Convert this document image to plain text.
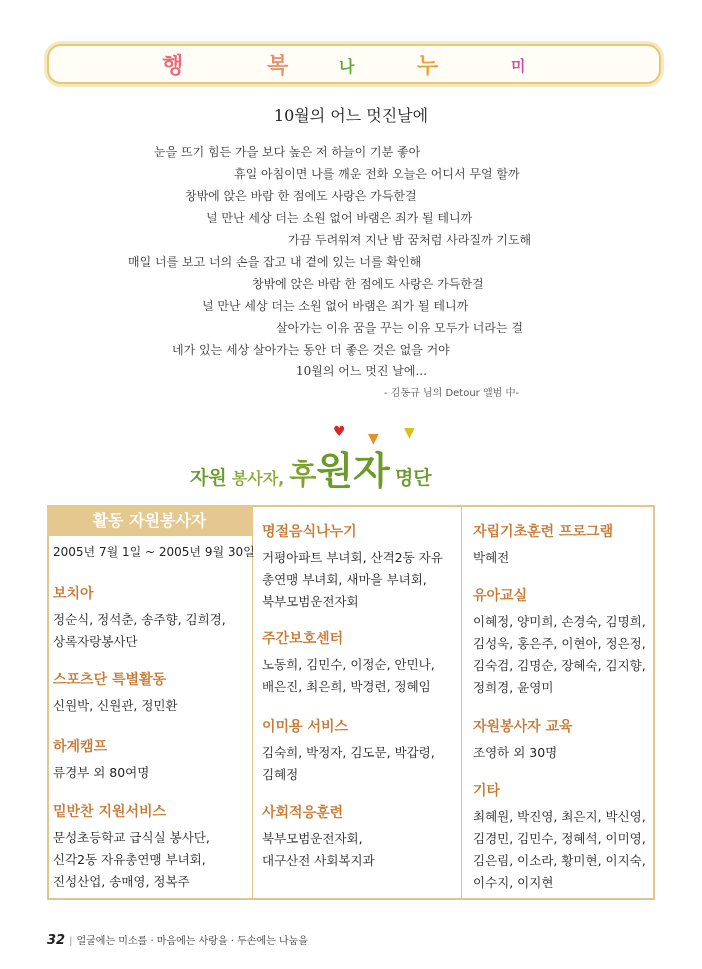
행	복	나	누	미
10월의 어느 멋진날에
눈을 뜨기 힘든 가을 보다 높은 저 하늘이 기분 좋아
휴일 아침이면 나를 깨운 전화 오늘은 어디서 무얼 할까
창밖에 앉은 바람 한 점에도 사랑은 가득한걸
널 만난 세상 더는 소원 없어 바램은 죄가 될 테니까
가끔 두려워져 지난 밤 꿈처럼 사라질까 기도해
매일 너를 보고 너의 손을 잡고 내 곁에 있는 너를 확인해
창밖에 앉은 바람 한 점에도 사랑은 가득한걸
널 만난 세상 더는 소원 없어 바램은 죄가 될 테니까
살아가는 이유 꿈을 꾸는 이유 모두가 너라는 걸
네가 있는 세상 살아가는 동안 더 좋은 것은 없을 거야
10월의 어느 멋진 날에...
- 김동규 님의 Detour 앨범 中-
♥ ▼ ▼
자원 봉사자, 후원자 명단
활동 자원봉사자
2005년 7월 1일 ~ 2005년 9월 30일
보치아
정순식, 정석춘, 송주향, 김희경,
상록자랑봉사단
스포츠단 특별활동
신원박, 신원관, 정민환
하계캠프
류경부 외 80여명
밑반찬 지원서비스
문성초등학교 급식실 봉사단,
신각2동 자유총연맹 부녀회,
진성산업, 송매영, 정복주
명절음식나누기
거평아파트 부녀회, 산격2동 자유
총연맹 부녀회, 새마을 부녀회,
북부모범운전자회
주간보호센터
노동희, 김민수, 이정순, 안민나,
배은진, 최은희, 박경련, 정혜임
이미용 서비스
김숙희, 박정자, 김도문, 박갑령,
김혜정
사회적응훈련
북부모범운전자회,
대구산전 사회복지과
자립기초훈련 프로그램
박혜전
유아교실
이혜정, 양미희, 손경숙, 김명희,
김성욱, 홍은주, 이현아, 정은정,
김숙검, 김명순, 장혜숙, 김지향,
정희경, 윤영미
자원봉사자 교육
조영하 외 30명
기타
최혜원, 박진영, 최은지, 박신영,
김경민, 김민수, 정혜석, 이미영,
김은림, 이소라, 황미현, 이지숙,
이수지, 이지현
32 | 얼굴에는 미소를 · 마음에는 사랑을 · 두손에는 나눔을
